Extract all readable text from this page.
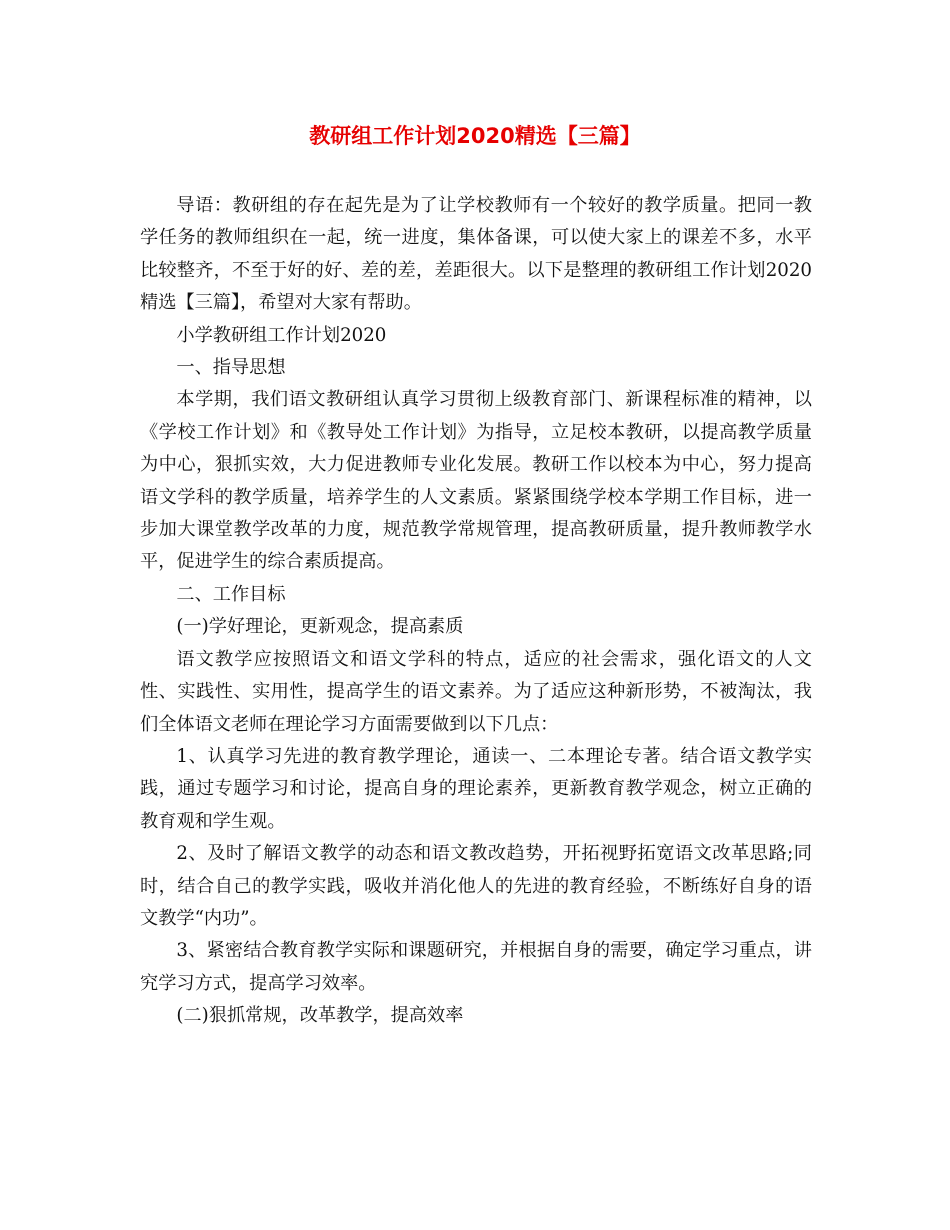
教研组工作计划2020精选【三篇】

导语：教研组的存在起先是为了让学校教师有一个较好的教学质量。把同一教学任务的教师组织在一起，统一进度，集体备课，可以使大家上的课差不多，水平比较整齐，不至于好的好、差的差，差距很大。以下是整理的教研组工作计划2020精选【三篇】，希望对大家有帮助。

小学教研组工作计划2020

一、指导思想

本学期，我们语文教研组认真学习贯彻上级教育部门、新课程标准的精神，以《学校工作计划》和《教导处工作计划》为指导，立足校本教研，以提高教学质量为中心，狠抓实效，大力促进教师专业化发展。教研工作以校本为中心，努力提高语文学科的教学质量，培养学生的人文素质。紧紧围绕学校本学期工作目标，进一步加大课堂教学改革的力度，规范教学常规管理，提高教研质量，提升教师教学水平，促进学生的综合素质提高。

二、工作目标

(一)学好理论，更新观念，提高素质

语文教学应按照语文和语文学科的特点，适应的社会需求，强化语文的人文性、实践性、实用性，提高学生的语文素养。为了适应这种新形势，不被淘汰，我们全体语文老师在理论学习方面需要做到以下几点：

1、认真学习先进的教育教学理论，通读一、二本理论专著。结合语文教学实践，通过专题学习和讨论，提高自身的理论素养，更新教育教学观念，树立正确的教育观和学生观。

2、及时了解语文教学的动态和语文教改趋势，开拓视野拓宽语文改革思路;同时，结合自己的教学实践，吸收并消化他人的先进的教育经验，不断练好自身的语文教学“内功”。

3、紧密结合教育教学实际和课题研究，并根据自身的需要，确定学习重点，讲究学习方式，提高学习效率。

(二)狠抓常规，改革教学，提高效率
